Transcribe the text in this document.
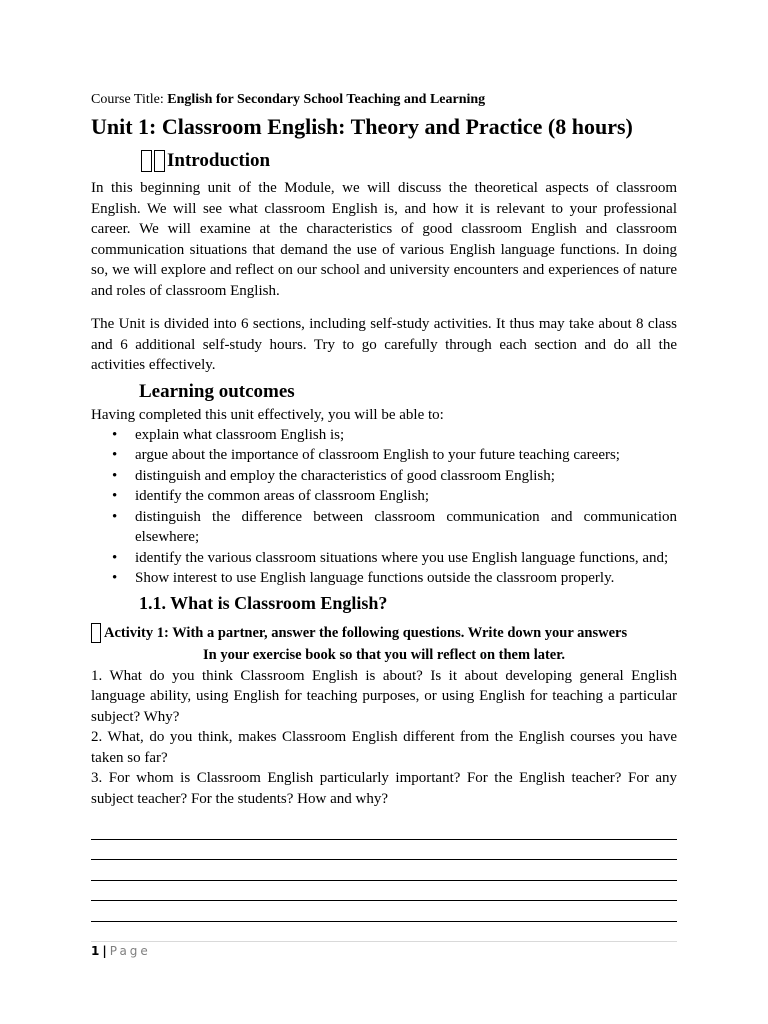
Course Title: English for Secondary School Teaching and Learning
Unit 1: Classroom English: Theory and Practice (8 hours)
Introduction

In this beginning unit of the Module, we will discuss the theoretical aspects of classroom English. We will see what classroom English is, and how it is relevant to your professional career. We will examine at the characteristics of good classroom English and classroom communication situations that demand the use of various English language functions. In doing so, we will explore and reflect on our school and university encounters and experiences of nature and roles of classroom English.

The Unit is divided into 6 sections, including self-study activities. It thus may take about 8 class and 6 additional self-study hours. Try to go carefully through each section and do all the activities effectively.

Learning outcomes
Having completed this unit effectively, you will be able to:
• explain what classroom English is;
• argue about the importance of classroom English to your future teaching careers;
• distinguish and employ the characteristics of good classroom English;
• identify the common areas of classroom English;
• distinguish the difference between classroom communication and communication elsewhere;
• identify the various classroom situations where you use English language functions, and;
• Show interest to use English language functions outside the classroom properly.
1.1. What is Classroom English?
Activity 1 : With a partner, answer the following questions. Write down your answers
In your exercise book so that you will reflect on them later.
1. What do you think Classroom English is about? Is it about developing general English language ability, using English for teaching purposes, or using English for teaching a particular subject? Why?
2. What, do you think, makes Classroom English different from the English courses you have taken so far?
3. For whom is Classroom English particularly important? For the English teacher? For any subject teacher? For the students? How and why?
1 | Page
